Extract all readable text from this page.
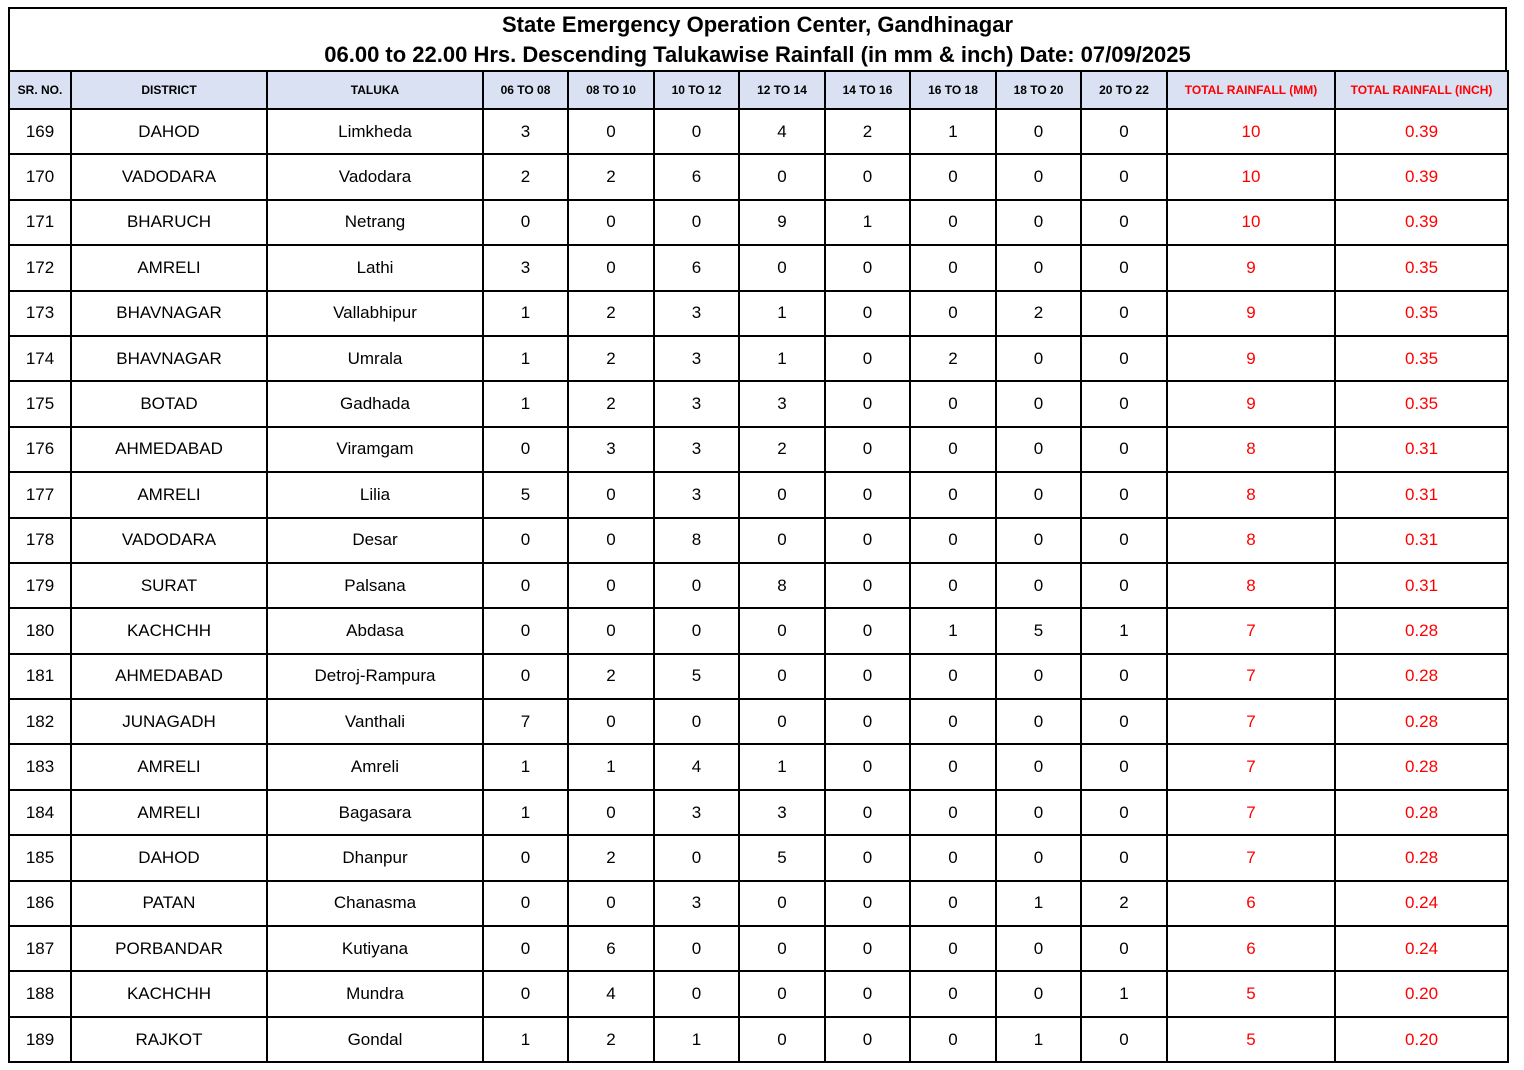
State Emergency Operation Center, Gandhinagar
06.00 to 22.00 Hrs. Descending Talukawise Rainfall (in mm & inch) Date: 07/09/2025
SR. NO.	DISTRICT	TALUKA	06 TO 08	08 TO 10	10 TO 12	12 TO 14	14 TO 16	16 TO 18	18 TO 20	20 TO 22	TOTAL RAINFALL (MM)	TOTAL RAINFALL (INCH)
169	DAHOD	Limkheda	3	0	0	4	2	1	0	0	10	0.39
170	VADODARA	Vadodara	2	2	6	0	0	0	0	0	10	0.39
171	BHARUCH	Netrang	0	0	0	9	1	0	0	0	10	0.39
172	AMRELI	Lathi	3	0	6	0	0	0	0	0	9	0.35
173	BHAVNAGAR	Vallabhipur	1	2	3	1	0	0	2	0	9	0.35
174	BHAVNAGAR	Umrala	1	2	3	1	0	2	0	0	9	0.35
175	BOTAD	Gadhada	1	2	3	3	0	0	0	0	9	0.35
176	AHMEDABAD	Viramgam	0	3	3	2	0	0	0	0	8	0.31
177	AMRELI	Lilia	5	0	3	0	0	0	0	0	8	0.31
178	VADODARA	Desar	0	0	8	0	0	0	0	0	8	0.31
179	SURAT	Palsana	0	0	0	8	0	0	0	0	8	0.31
180	KACHCHH	Abdasa	0	0	0	0	0	1	5	1	7	0.28
181	AHMEDABAD	Detroj-Rampura	0	2	5	0	0	0	0	0	7	0.28
182	JUNAGADH	Vanthali	7	0	0	0	0	0	0	0	7	0.28
183	AMRELI	Amreli	1	1	4	1	0	0	0	0	7	0.28
184	AMRELI	Bagasara	1	0	3	3	0	0	0	0	7	0.28
185	DAHOD	Dhanpur	0	2	0	5	0	0	0	0	7	0.28
186	PATAN	Chanasma	0	0	3	0	0	0	1	2	6	0.24
187	PORBANDAR	Kutiyana	0	6	0	0	0	0	0	0	6	0.24
188	KACHCHH	Mundra	0	4	0	0	0	0	0	1	5	0.20
189	RAJKOT	Gondal	1	2	1	0	0	0	1	0	5	0.20
